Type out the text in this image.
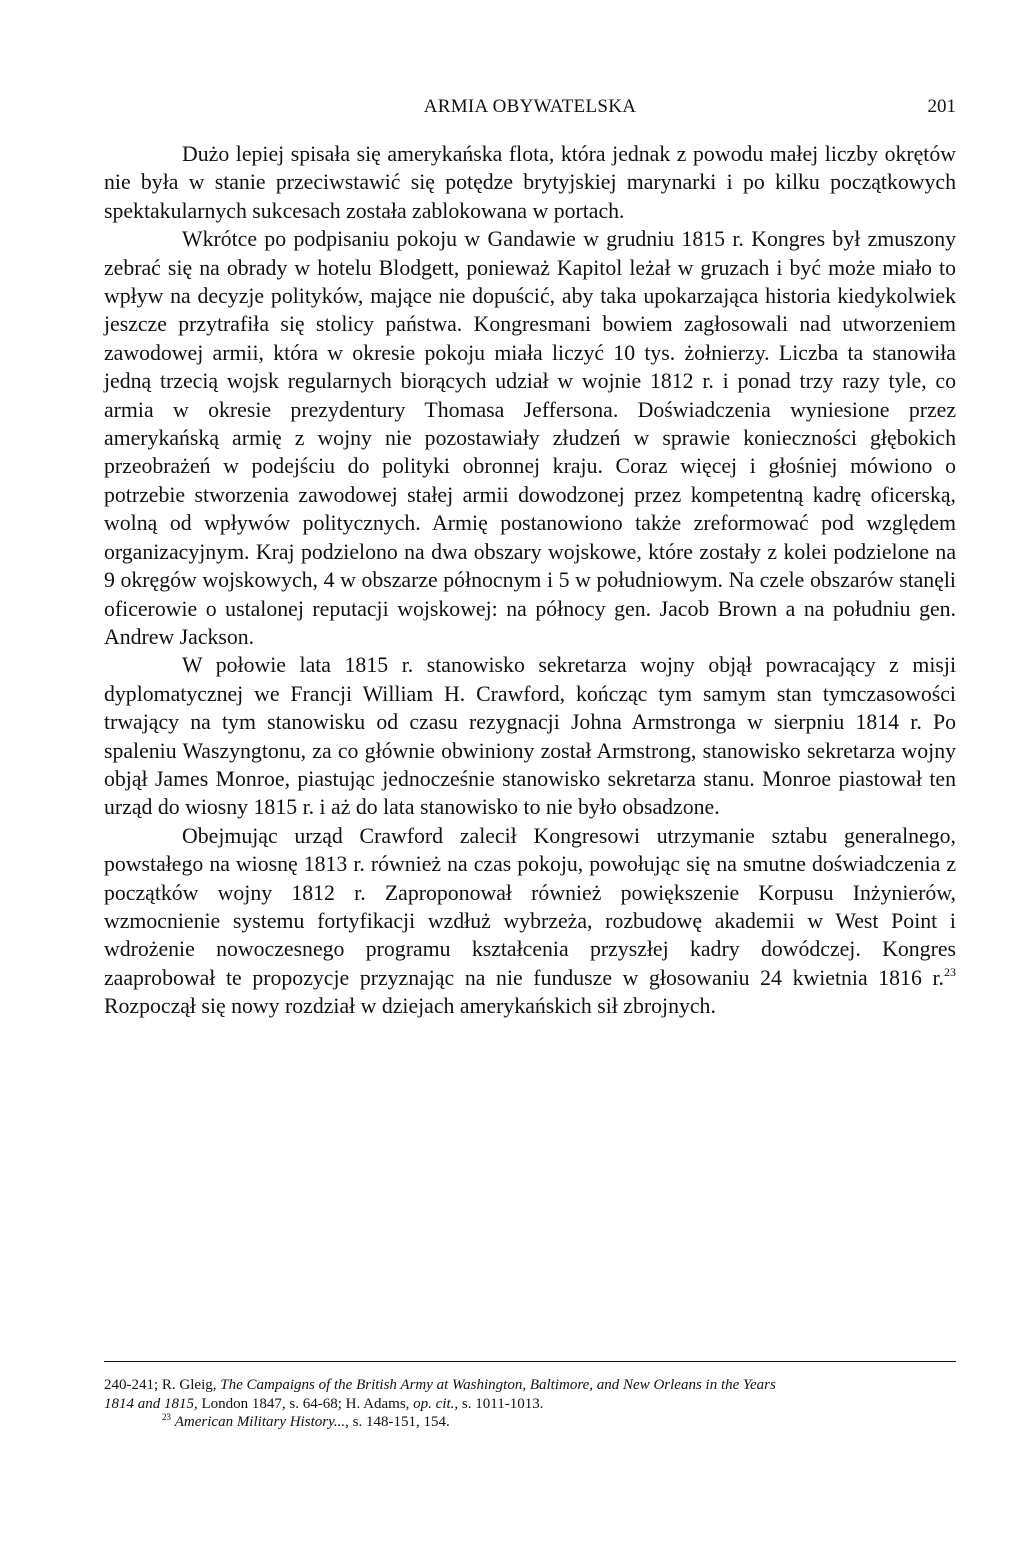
ARMIA OBYWATELSKA	201

Dużo lepiej spisała się amerykańska flota, która jednak z powodu małej liczby okrętów nie była w stanie przeciwstawić się potędze brytyjskiej marynarki i po kilku początkowych spektakularnych sukcesach została zablokowana w portach.

Wkrótce po podpisaniu pokoju w Gandawie w grudniu 1815 r. Kongres był zmuszony zebrać się na obrady w hotelu Blodgett, ponieważ Kapitol leżał w gruzach i być może miało to wpływ na decyzje polityków, mające nie dopuścić, aby taka upokarzająca historia kiedykolwiek jeszcze przytrafiła się stolicy państwa. Kongresmani bowiem zagłosowali nad utworzeniem zawodowej armii, która w okresie pokoju miała liczyć 10 tys. żołnierzy. Liczba ta stanowiła jedną trzecią wojsk regularnych biorących udział w wojnie 1812 r. i ponad trzy razy tyle, co armia w okresie prezydentury Thomasa Jeffersona. Doświadczenia wyniesione przez amerykańską armię z wojny nie pozostawiały złudzeń w sprawie konieczności głębokich przeobrażeń w podejściu do polityki obronnej kraju. Coraz więcej i głośniej mówiono o potrzebie stworzenia zawodowej stałej armii dowodzonej przez kompetentną kadrę oficerską, wolną od wpływów politycznych. Armię postanowiono także zreformować pod względem organizacyjnym. Kraj podzielono na dwa obszary wojskowe, które zostały z kolei podzielone na 9 okręgów wojskowych, 4 w obszarze północnym i 5 w południowym. Na czele obszarów stanęli oficerowie o ustalonej reputacji wojskowej: na północy gen. Jacob Brown a na południu gen. Andrew Jackson.

W połowie lata 1815 r. stanowisko sekretarza wojny objął powracający z misji dyplomatycznej we Francji William H. Crawford, kończąc tym samym stan tymczasowości trwający na tym stanowisku od czasu rezygnacji Johna Armstronga w sierpniu 1814 r. Po spaleniu Waszyngtonu, za co głównie obwiniony został Armstrong, stanowisko sekretarza wojny objął James Monroe, piastując jednocześnie stanowisko sekretarza stanu. Monroe piastował ten urząd do wiosny 1815 r. i aż do lata stanowisko to nie było obsadzone.

Obejmując urząd Crawford zalecił Kongresowi utrzymanie sztabu generalnego, powstałego na wiosnę 1813 r. również na czas pokoju, powołując się na smutne doświadczenia z początków wojny 1812 r. Zaproponował również powiększenie Korpusu Inżynierów, wzmocnienie systemu fortyfikacji wzdłuż wybrzeża, rozbudowę akademii w West Point i wdrożenie nowoczesnego programu kształcenia przyszłej kadry dowódczej. Kongres zaaprobował te propozycje przyznając na nie fundusze w głosowaniu 24 kwietnia 1816 r.$^{23}$ Rozpoczął się nowy rozdział w dziejach amerykańskich sił zbrojnych.

240-241; R. Gleig, The Campaigns of the British Army at Washington, Baltimore, and New Orleans in the Years

1814 and 1815, London 1847, s. 64-68; H. Adams, op. cit., s. 1011-1013.

$^{23}$ American Military History..., s. 148-151, 154.
